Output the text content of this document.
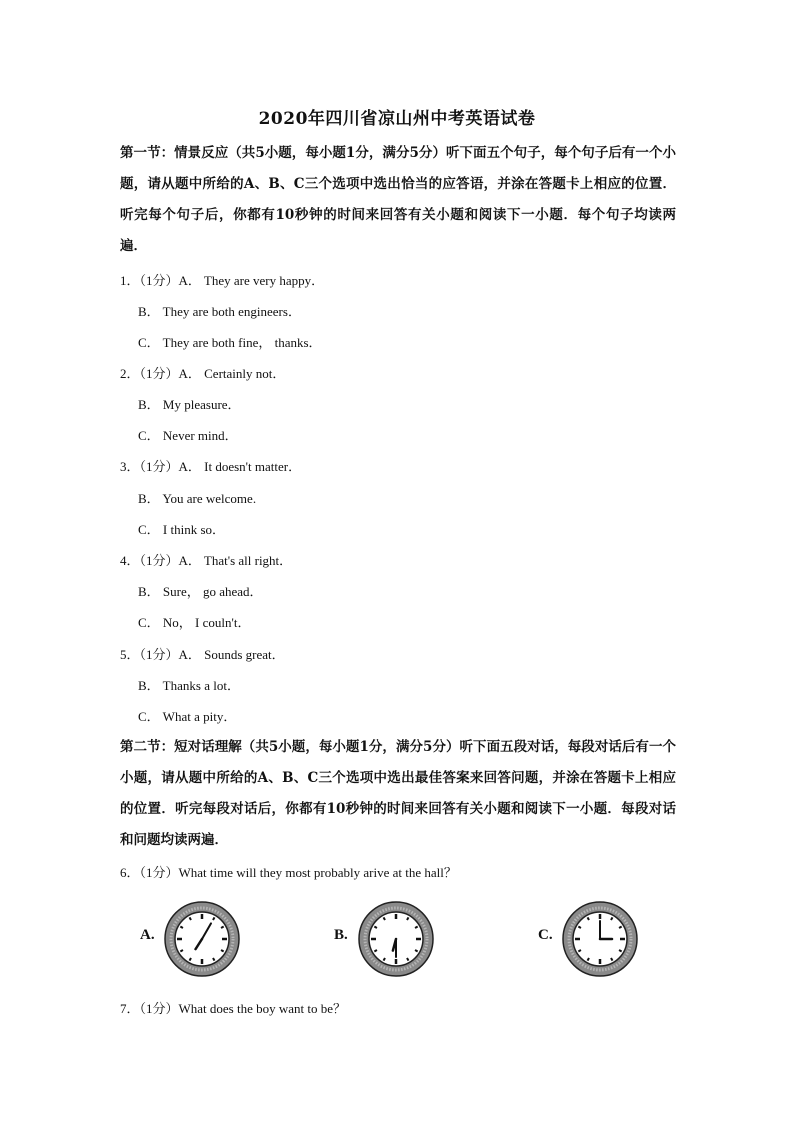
2020年四川省凉山州中考英语试卷
第一节：情景反应（共5小题，每小题1分，满分5分）听下面五个句子，每个句子后有一个小题，请从题中所给的A、B、C三个选项中选出恰当的应答语，并涂在答题卡上相应的位置．听完每个句子后，你都有10秒钟的时间来回答有关小题和阅读下一小题．每个句子均读两遍．
1．（1分）A． They are very happy．
B． They are both engineers．
C． They are both fine， thanks．
2．（1分）A． Certainly not．
B． My pleasure．
C． Never mind．
3．（1分）A． It doesn't matter．
B． You are welcome.
C． I think so．
4．（1分）A． That's all right．
B． Sure， go ahead．
C． No， I couln't．
5．（1分）A． Sounds great．
B． Thanks a lot．
C． What a pity．
第二节：短对话理解（共5小题，每小题1分，满分5分）听下面五段对话，每段对话后有一个小题，请从题中所给的A、B、C三个选项中选出最佳答案来回答问题，并涂在答题卡上相应的位置．听完每段对话后，你都有10秒钟的时间来回答有关小题和阅读下一小题．每段对话和问题均读两遍．
6．（1分）What time will they most probably arive at the hall？
A.	B.	C.
7．（1分）What does the boy want to be？
